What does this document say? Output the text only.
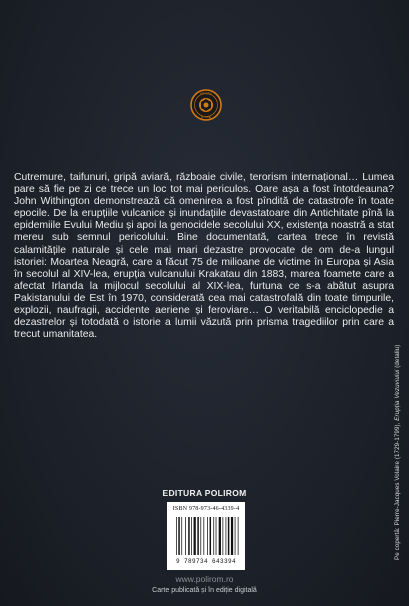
HISTORIA
ISTORIE

Cutremure, taifunuri, gripă aviară, războaie civile, terorism internațional… Lumea pare să fie pe zi ce trece un loc tot mai periculos. Oare așa a fost întotdeauna? John Withington demonstrează că omenirea a fost pîndită de catastrofe în toate epocile. De la erupțiile vulcanice și inundațiile devastatoare din Antichitate pînă la epidemiile Evului Mediu și apoi la genocidele secolului XX, existența noastră a stat mereu sub semnul pericolului. Bine documentată, cartea trece în revistă calamitățile naturale și cele mai mari dezastre provocate de om de-a lungul istoriei: Moartea Neagră, care a făcut 75 de milioane de victime în Europa și Asia în secolul al XIV-lea, erupția vulcanului Krakatau din 1883, marea foamete care a afectat Irlanda la mijlocul secolului al XIX-lea, furtuna ce s-a abătut asupra Pakistanului de Est în 1970, considerată cea mai catastrofală din toate timpurile, explozii, naufragii, accidente aeriene și feroviare… O veritabilă enciclopedie a dezastrelor și totodată o istorie a lumii văzută prin prisma tragediilor prin care a trecut umanitatea.

EDITURA POLIROM
ISBN 978-973-46-4339-4
9 789734 643394
www.polirom.ro
Carte publicată și în ediție digitală
Pe copertă: Pierre-Jacques Volaire (1729-1799), Erupția Vezuviului (detaliu)
